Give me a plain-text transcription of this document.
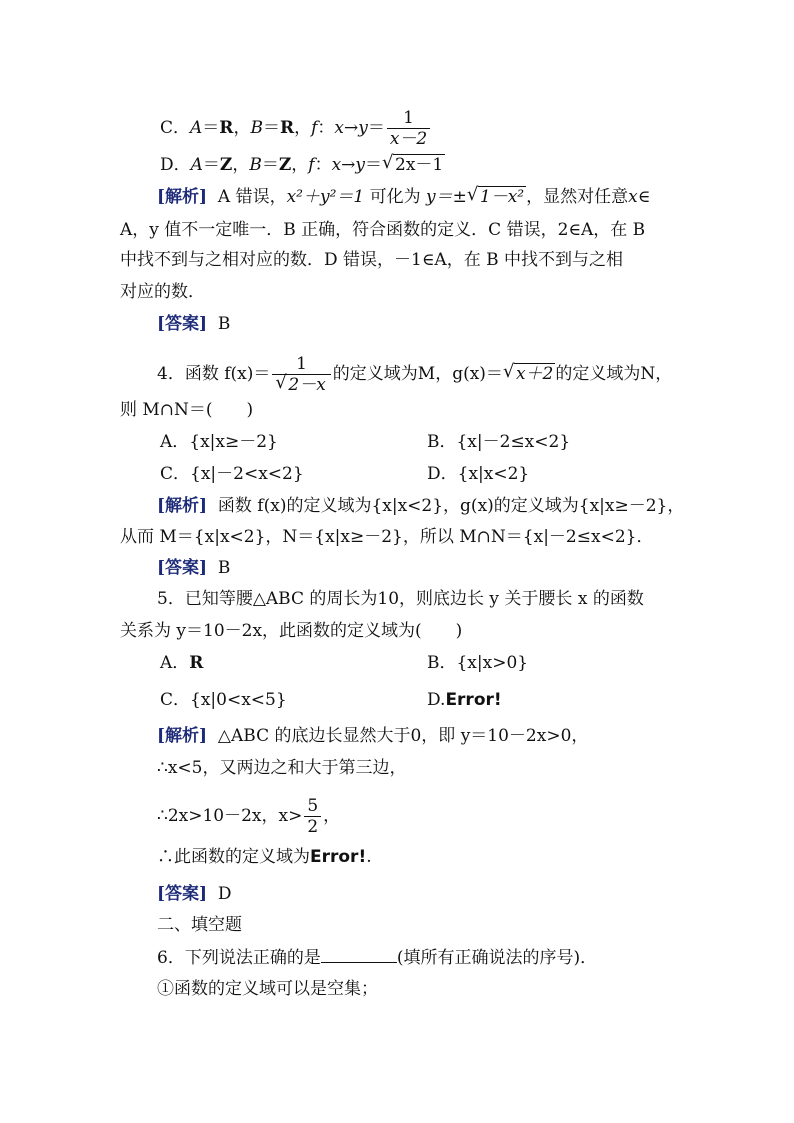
C．A＝R，B＝R，f：$x\to y= \frac{1}{x-2}$
D．A＝Z，B＝Z，f：x→y＝ √ 2x－1
[解析] A 错误，x²＋y²＝1 可化为 y＝± √ 1－x² ，显然对任意x∈
A，y 值不一定唯一．B 正确，符合函数的定义．C 错误，2∈A，在 B
中找不到与之相对应的数．D 错误，－1∈A，在 B 中找不到与之相
对应的数．
[答案] B
4．函数 $f(x)= \frac{1}{√ 2-x}$ 的定义域为M，g(x)＝ √ x＋2 的定义域为N，
则 M∩N＝(　　)
A．{x|x≥－2}	B．{x|－2≤x<2}
C．{x|－2<x<2}	D．{x|x<2}
[解析] 函数 f(x)的定义域为{x|x<2}，g(x)的定义域为{x|x≥－2}，
从而 M＝{x|x<2}，N＝{x|x≥－2}，所以 M∩N＝{x|－2≤x<2}．
[答案] B
5．已知等腰△ABC 的周长为10，则底边长 y 关于腰长 x 的函数
关系为 y＝10－2x，此函数的定义域为(　　)
A．R	B．{x|x>0}
C．{x|0<x<5}	D.Error!
[解析] △ABC 的底边长显然大于0，即 y＝10－2x>0，
∴x<5，又两边之和大于第三边，
∴2x>10－2x，$x> \frac{5}{2}$ ，
∴此函数的定义域为Error!.
[答案] D
二、填空题
6．下列说法正确的是	(填所有正确说法的序号)．
①函数的定义域可以是空集；
